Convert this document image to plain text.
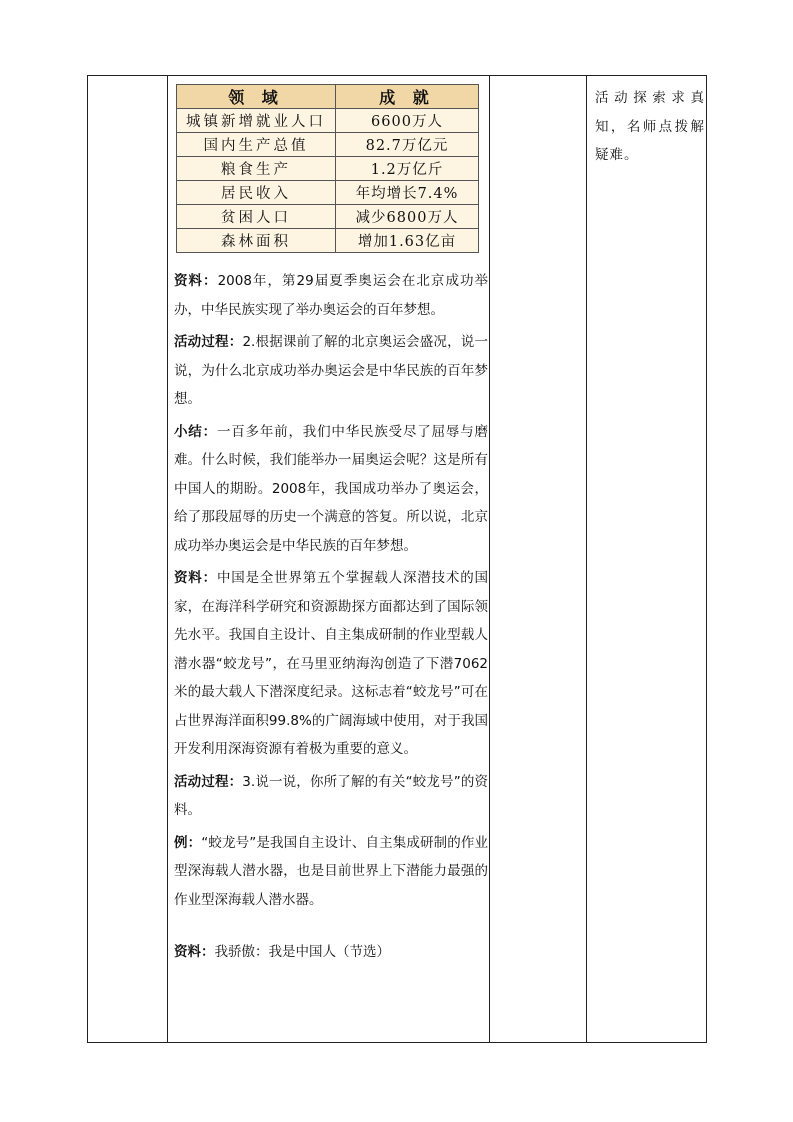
领 域	成 就
城镇新增就业人口	6600万人
国内生产总值	82.7万亿元
粮食生产	1.2万亿斤
居民收入	年均增长7.4%
贫困人口	减少6800万人
森林面积	增加1.63亿亩

资料：2008年，第29届夏季奥运会在北京成功举办，中华民族实现了举办奥运会的百年梦想。

活动过程：2.根据课前了解的北京奥运会盛况，说一说，为什么北京成功举办奥运会是中华民族的百年梦想。

小结：一百多年前，我们中华民族受尽了屈辱与磨难。什么时候，我们能举办一届奥运会呢？这是所有中国人的期盼。2008年，我国成功举办了奥运会，给了那段屈辱的历史一个满意的答复。所以说，北京成功举办奥运会是中华民族的百年梦想。

资料：中国是全世界第五个掌握载人深潜技术的国家，在海洋科学研究和资源勘探方面都达到了国际领先水平。我国自主设计、自主集成研制的作业型载人潜水器“蛟龙号”，在马里亚纳海沟创造了下潜7062米的最大载人下潜深度纪录。这标志着“蛟龙号”可在占世界海洋面积99.8%的广阔海域中使用，对于我国开发利用深海资源有着极为重要的意义。

活动过程：3.说一说，你所了解的有关“蛟龙号”的资料。

例：“蛟龙号”是我国自主设计、自主集成研制的作业型深海载人潜水器，也是目前世界上下潜能力最强的作业型深海载人潜水器。

资料：我骄傲：我是中国人（节选）

活动探索求真知，名师点拨解疑难。
